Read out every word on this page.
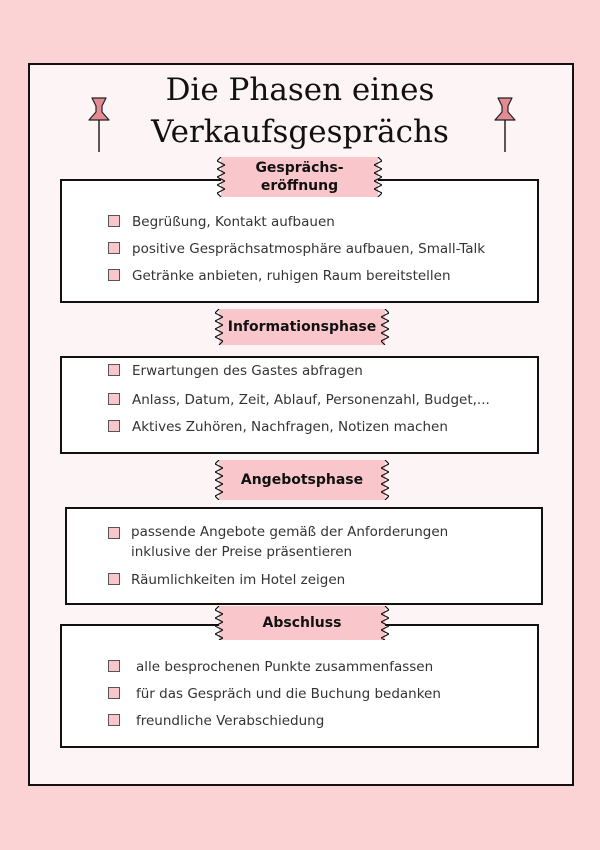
Die Phasen eines
Verkaufsgesprächs
Gesprächs-
eröffnung
Begrüßung, Kontakt aufbauen
positive Gesprächsatmosphäre aufbauen, Small-Talk
Getränke anbieten, ruhigen Raum bereitstellen
Informationsphase
Erwartungen des Gastes abfragen
Anlass, Datum, Zeit, Ablauf, Personenzahl, Budget,...
Aktives Zuhören, Nachfragen, Notizen machen
Angebotsphase
passende Angebote gemäß der Anforderungen
inklusive der Preise präsentieren
Räumlichkeiten im Hotel zeigen
Abschluss
alle besprochenen Punkte zusammenfassen
für das Gespräch und die Buchung bedanken
freundliche Verabschiedung
